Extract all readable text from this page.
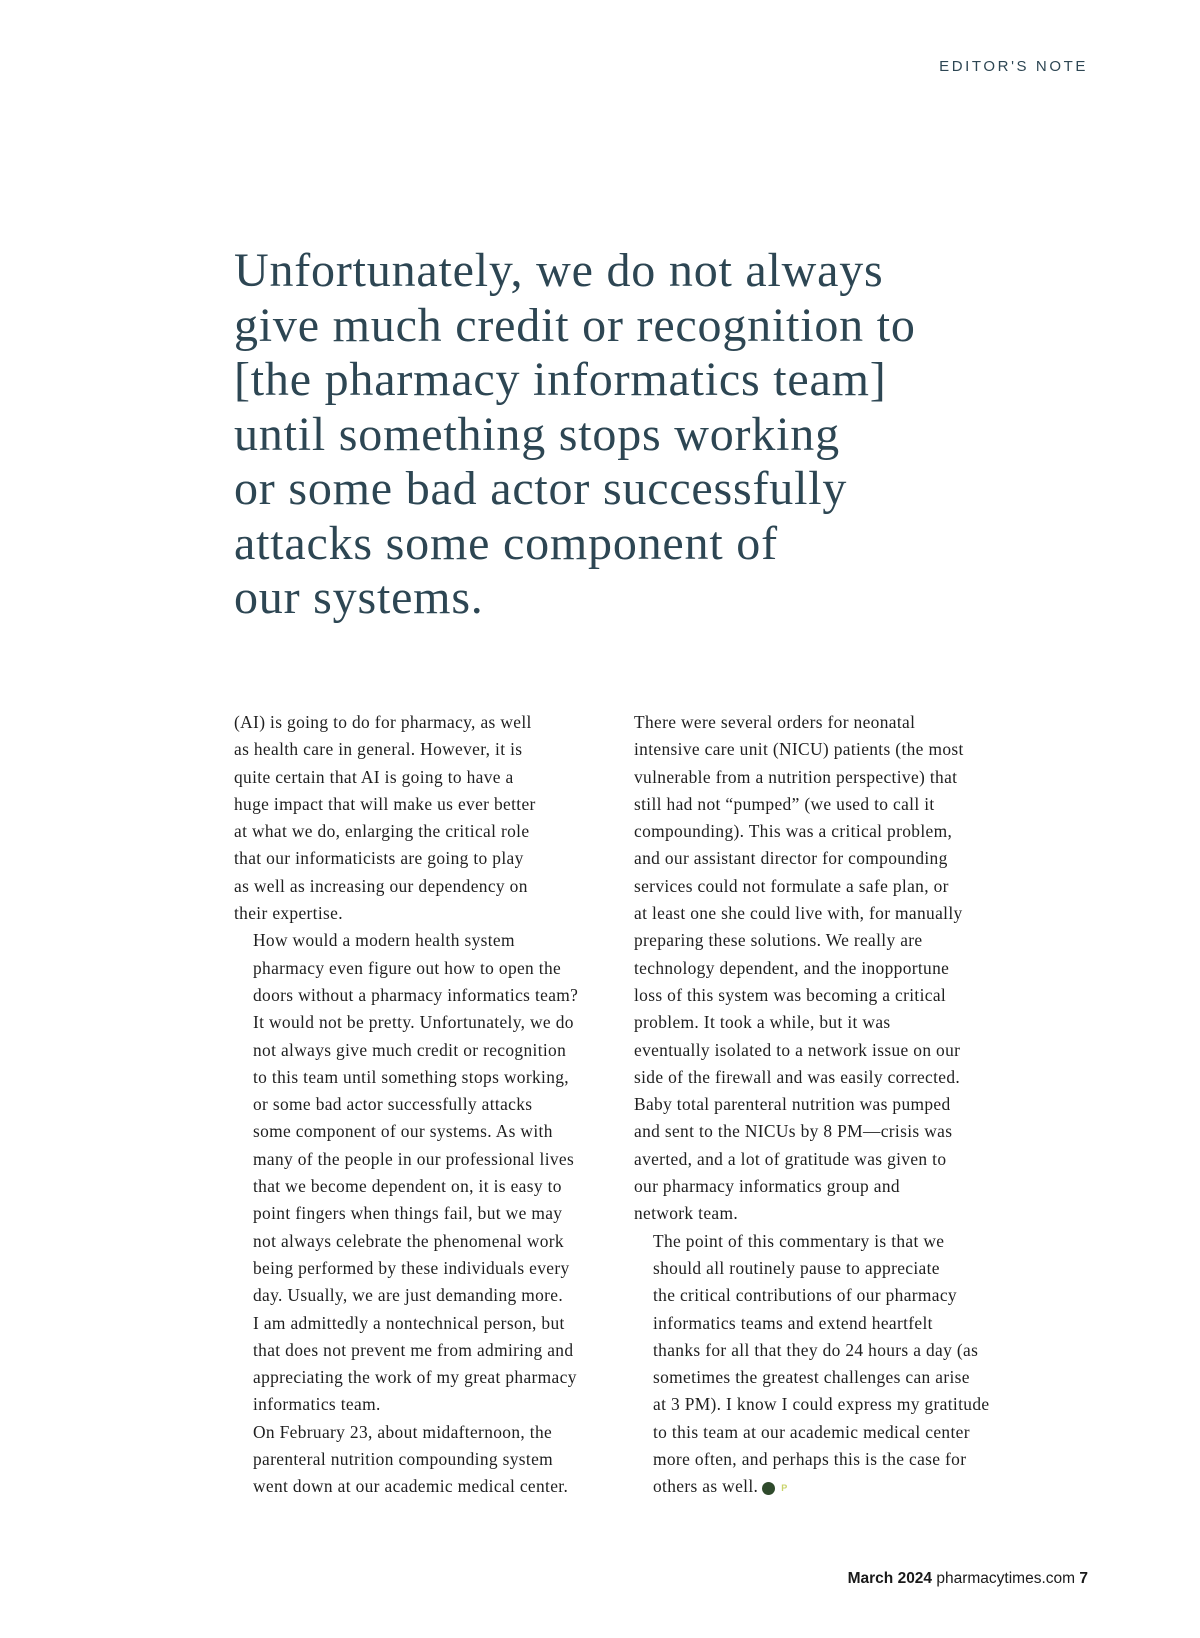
EDITOR'S NOTE

Unfortunately, we do not always
give much credit or recognition to
[the pharmacy informatics team]
until something stops working
or some bad actor successfully
attacks some component of
our systems.

(AI) is going to do for pharmacy, as well
as health care in general. However, it is
quite certain that AI is going to have a
huge impact that will make us ever better
at what we do, enlarging the critical role
that our informaticists are going to play
as well as increasing our dependency on
their expertise.

How would a modern health system
pharmacy even figure out how to open the
doors without a pharmacy informatics team?
It would not be pretty. Unfortunately, we do
not always give much credit or recognition
to this team until something stops working,
or some bad actor successfully attacks
some component of our systems. As with
many of the people in our professional lives
that we become dependent on, it is easy to
point fingers when things fail, but we may
not always celebrate the phenomenal work
being performed by these individuals every
day. Usually, we are just demanding more.
I am admittedly a nontechnical person, but
that does not prevent me from admiring and
appreciating the work of my great pharmacy
informatics team.

On February 23, about midafternoon, the
parenteral nutrition compounding system
went down at our academic medical center.

There were several orders for neonatal
intensive care unit (NICU) patients (the most
vulnerable from a nutrition perspective) that
still had not “pumped” (we used to call it
compounding). This was a critical problem,
and our assistant director for compounding
services could not formulate a safe plan, or
at least one she could live with, for manually
preparing these solutions. We really are
technology dependent, and the inopportune
loss of this system was becoming a critical
problem. It took a while, but it was
eventually isolated to a network issue on our
side of the firewall and was easily corrected.
Baby total parenteral nutrition was pumped
and sent to the NICUs by 8 PM—crisis was
averted, and a lot of gratitude was given to
our pharmacy informatics group and
network team.

The point of this commentary is that we
should all routinely pause to appreciate
the critical contributions of our pharmacy
informatics teams and extend heartfelt
thanks for all that they do 24 hours a day (as
sometimes the greatest challenges can arise
at 3 PM). I know I could express my gratitude
to this team at our academic medical center
more often, and perhaps this is the case for
others as well.	P

March 2024 pharmacytimes.com 7
